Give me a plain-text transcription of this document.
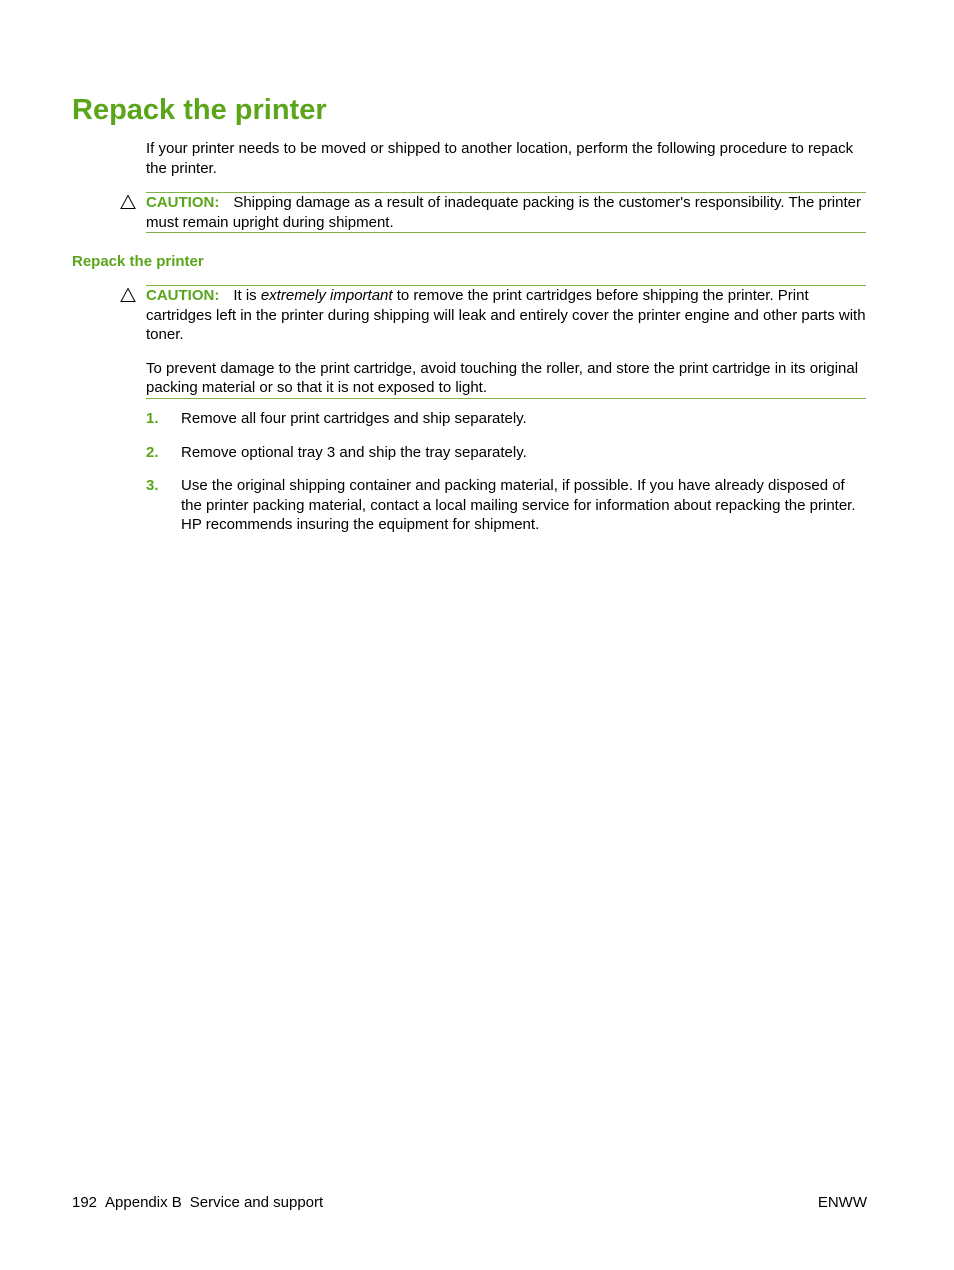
Repack the printer

If your printer needs to be moved or shipped to another location, perform the following procedure to repack the printer.

CAUTION: Shipping damage as a result of inadequate packing is the customer's responsibility. The printer must remain upright during shipment.

Repack the printer

CAUTION: It is extremely important to remove the print cartridges before shipping the printer. Print cartridges left in the printer during shipping will leak and entirely cover the printer engine and other parts with toner.

To prevent damage to the print cartridge, avoid touching the roller, and store the print cartridge in its original packing material or so that it is not exposed to light.

1. Remove all four print cartridges and ship separately.
2. Remove optional tray 3 and ship the tray separately.
3. Use the original shipping container and packing material, if possible. If you have already disposed of the printer packing material, contact a local mailing service for information about repacking the printer. HP recommends insuring the equipment for shipment.
192 Appendix B Service and support	ENWW
